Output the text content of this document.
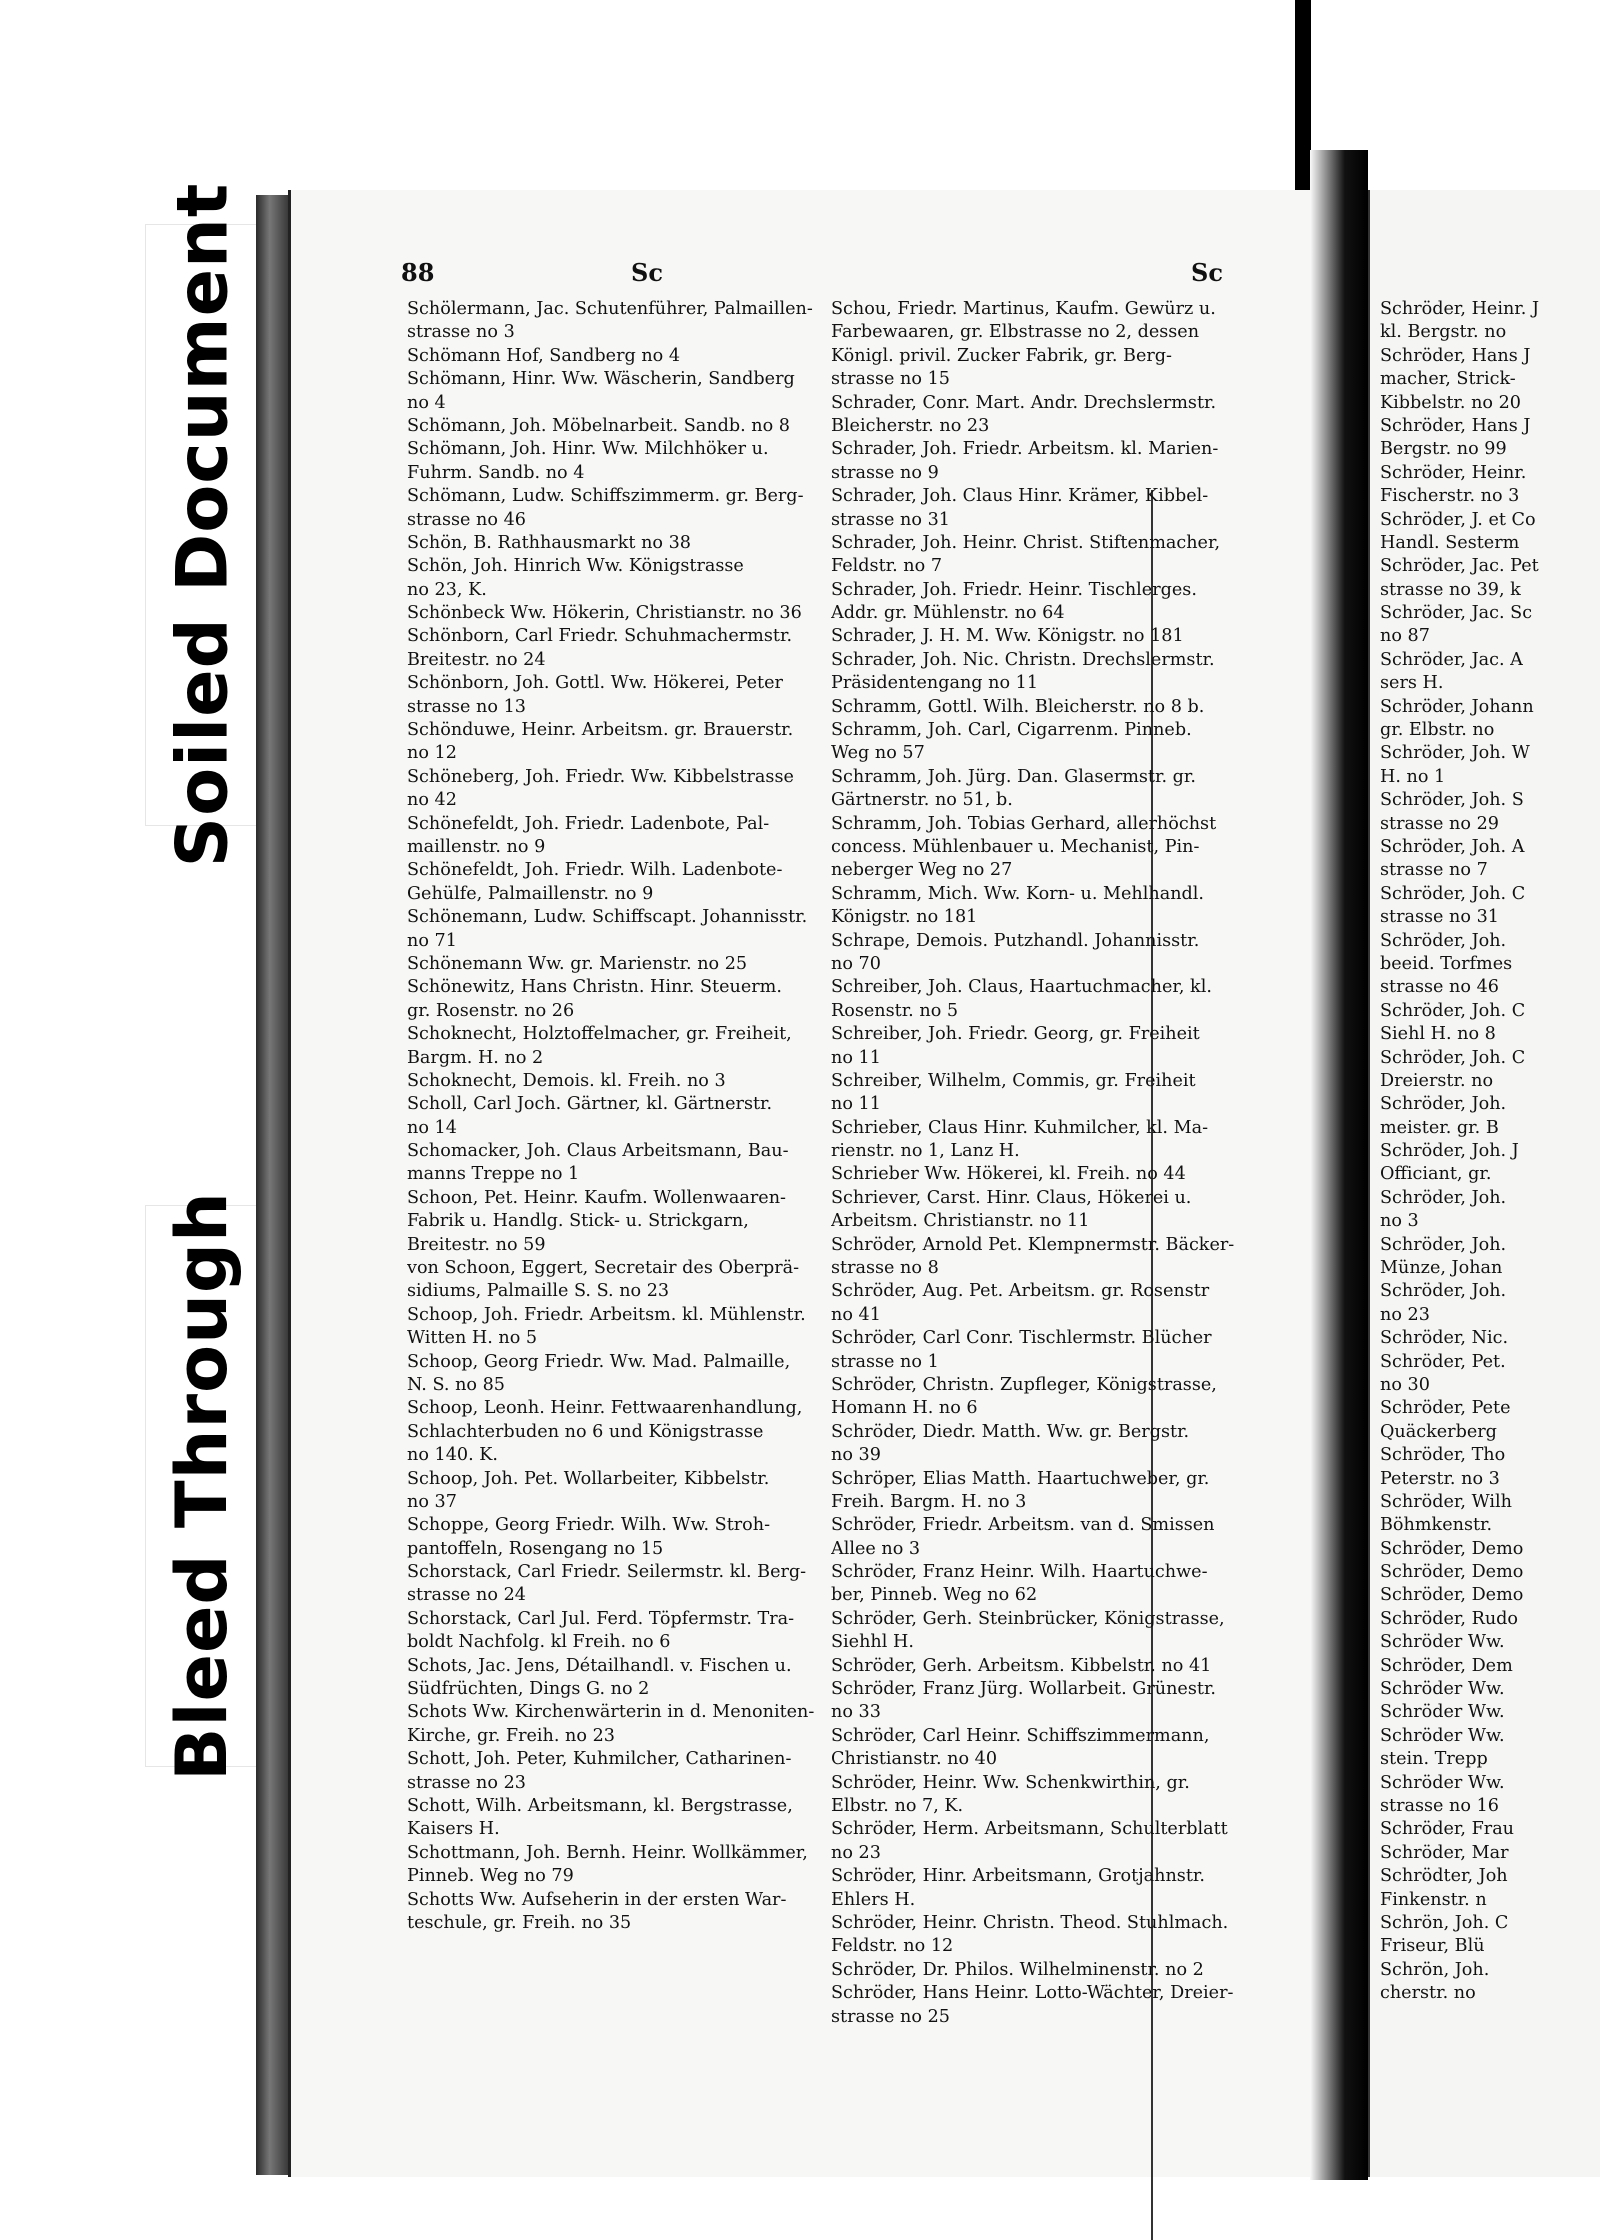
Soiled Document
Bleed Through
88	Sc	Sc
Schölermann, Jac. Schutenführer, Palmaillen-
strasse no 3
Schömann Hof, Sandberg no 4
Schömann, Hinr. Ww. Wäscherin, Sandberg
no 4
Schömann, Joh. Möbelnarbeit. Sandb. no 8
Schömann, Joh. Hinr. Ww. Milchhöker u.
Fuhrm. Sandb. no 4
Schömann, Ludw. Schiffszimmerm. gr. Berg-
strasse no 46
Schön, B. Rathhausmarkt no 38
Schön, Joh. Hinrich Ww. Königstrasse
no 23, K.
Schönbeck Ww. Hökerin, Christianstr. no 36
Schönborn, Carl Friedr. Schuhmachermstr.
Breitestr. no 24
Schönborn, Joh. Gottl. Ww. Hökerei, Peter
strasse no 13
Schönduwe, Heinr. Arbeitsm. gr. Brauerstr.
no 12
Schöneberg, Joh. Friedr. Ww. Kibbelstrasse
no 42
Schönefeldt, Joh. Friedr. Ladenbote, Pal-
maillenstr. no 9
Schönefeldt, Joh. Friedr. Wilh. Ladenbote-
Gehülfe, Palmaillenstr. no 9
Schönemann, Ludw. Schiffscapt. Johannisstr.
no 71
Schönemann Ww. gr. Marienstr. no 25
Schönewitz, Hans Christn. Hinr. Steuerm.
gr. Rosenstr. no 26
Schoknecht, Holztoffelmacher, gr. Freiheit,
Bargm. H. no 2
Schoknecht, Demois. kl. Freih. no 3
Scholl, Carl Joch. Gärtner, kl. Gärtnerstr.
no 14
Schomacker, Joh. Claus Arbeitsmann, Bau-
manns Treppe no 1
Schoon, Pet. Heinr. Kaufm. Wollenwaaren-
Fabrik u. Handlg. Stick- u. Strickgarn,
Breitestr. no 59
von Schoon, Eggert, Secretair des Oberprä-
sidiums, Palmaille S. S. no 23
Schoop, Joh. Friedr. Arbeitsm. kl. Mühlenstr.
Witten H. no 5
Schoop, Georg Friedr. Ww. Mad. Palmaille,
N. S. no 85
Schoop, Leonh. Heinr. Fettwaarenhandlung,
Schlachterbuden no 6 und Königstrasse
no 140. K.
Schoop, Joh. Pet. Wollarbeiter, Kibbelstr.
no 37
Schoppe, Georg Friedr. Wilh. Ww. Stroh-
pantoffeln, Rosengang no 15
Schorstack, Carl Friedr. Seilermstr. kl. Berg-
strasse no 24
Schorstack, Carl Jul. Ferd. Töpfermstr. Tra-
boldt Nachfolg. kl Freih. no 6
Schots, Jac. Jens, Détailhandl. v. Fischen u.
Südfrüchten, Dings G. no 2
Schots Ww. Kirchenwärterin in d. Menoniten-
Kirche, gr. Freih. no 23
Schott, Joh. Peter, Kuhmilcher, Catharinen-
strasse no 23
Schott, Wilh. Arbeitsmann, kl. Bergstrasse,
Kaisers H.
Schottmann, Joh. Bernh. Heinr. Wollkämmer,
Pinneb. Weg no 79
Schotts Ww. Aufseherin in der ersten War-
teschule, gr. Freih. no 35
Schou, Friedr. Martinus, Kaufm. Gewürz u.
Farbewaaren, gr. Elbstrasse no 2, dessen
Königl. privil. Zucker Fabrik, gr. Berg-
strasse no 15
Schrader, Conr. Mart. Andr. Drechslermstr.
Bleicherstr. no 23
Schrader, Joh. Friedr. Arbeitsm. kl. Marien-
strasse no 9
Schrader, Joh. Claus Hinr. Krämer, Kibbel-
strasse no 31
Schrader, Joh. Heinr. Christ. Stiftenmacher,
Feldstr. no 7
Schrader, Joh. Friedr. Heinr. Tischlerges.
Addr. gr. Mühlenstr. no 64
Schrader, J. H. M. Ww. Königstr. no 181
Schrader, Joh. Nic. Christn. Drechslermstr.
Präsidentengang no 11
Schramm, Gottl. Wilh. Bleicherstr. no 8 b.
Schramm, Joh. Carl, Cigarrenm. Pinneb.
Weg no 57
Schramm, Joh. Jürg. Dan. Glasermstr. gr.
Gärtnerstr. no 51, b.
Schramm, Joh. Tobias Gerhard, allerhöchst
concess. Mühlenbauer u. Mechanist, Pin-
neberger Weg no 27
Schramm, Mich. Ww. Korn- u. Mehlhandl.
Königstr. no 181
Schrape, Demois. Putzhandl. Johannisstr.
no 70
Schreiber, Joh. Claus, Haartuchmacher, kl.
Rosenstr. no 5
Schreiber, Joh. Friedr. Georg, gr. Freiheit
no 11
Schreiber, Wilhelm, Commis, gr. Freiheit
no 11
Schrieber, Claus Hinr. Kuhmilcher, kl. Ma-
rienstr. no 1, Lanz H.
Schrieber Ww. Hökerei, kl. Freih. no 44
Schriever, Carst. Hinr. Claus, Hökerei u.
Arbeitsm. Christianstr. no 11
Schröder, Arnold Pet. Klempnermstr. Bäcker-
strasse no 8
Schröder, Aug. Pet. Arbeitsm. gr. Rosenstr
no 41
Schröder, Carl Conr. Tischlermstr. Blücher
strasse no 1
Schröder, Christn. Zupfleger, Königstrasse,
Homann H. no 6
Schröder, Diedr. Matth. Ww. gr. Bergstr.
no 39
Schröper, Elias Matth. Haartuchweber, gr.
Freih. Bargm. H. no 3
Schröder, Friedr. Arbeitsm. van d. Smissen
Allee no 3
Schröder, Franz Heinr. Wilh. Haartuchwe-
ber, Pinneb. Weg no 62
Schröder, Gerh. Steinbrücker, Königstrasse,
Siehhl H.
Schröder, Gerh. Arbeitsm. Kibbelstr. no 41
Schröder, Franz Jürg. Wollarbeit. Grünestr.
no 33
Schröder, Carl Heinr. Schiffszimmermann,
Christianstr. no 40
Schröder, Heinr. Ww. Schenkwirthin, gr.
Elbstr. no 7, K.
Schröder, Herm. Arbeitsmann, Schulterblatt
no 23
Schröder, Hinr. Arbeitsmann, Grotjahnstr.
Ehlers H.
Schröder, Heinr. Christn. Theod. Stuhlmach.
Feldstr. no 12
Schröder, Dr. Philos. Wilhelminenstr. no 2
Schröder, Hans Heinr. Lotto-Wächter, Dreier-
strasse no 25
Schröder, Heinr. J
kl. Bergstr. no
Schröder, Hans J
macher, Strick-
Kibbelstr. no 20
Schröder, Hans J
Bergstr. no 99
Schröder, Heinr.
Fischerstr. no 3
Schröder, J. et Co
Handl. Sesterm
Schröder, Jac. Pet
strasse no 39, k
Schröder, Jac. Sc
no 87
Schröder, Jac. A
sers H.
Schröder, Johann
gr. Elbstr. no
Schröder, Joh. W
H. no 1
Schröder, Joh. S
strasse no 29
Schröder, Joh. A
strasse no 7
Schröder, Joh. C
strasse no 31
Schröder, Joh.
beeid. Torfmes
strasse no 46
Schröder, Joh. C
Siehl H. no 8
Schröder, Joh. C
Dreierstr. no
Schröder, Joh.
meister. gr. B
Schröder, Joh. J
Officiant, gr.
Schröder, Joh.
no 3
Schröder, Joh.
Münze, Johan
Schröder, Joh.
no 23
Schröder, Nic.
Schröder, Pet.
no 30
Schröder, Pete
Quäckerberg
Schröder, Tho
Peterstr. no 3
Schröder, Wilh
Böhmkenstr.
Schröder, Demo
Schröder, Demo
Schröder, Demo
Schröder, Rudo
Schröder Ww.
Schröder, Dem
Schröder Ww.
Schröder Ww.
Schröder Ww.
stein. Trepp
Schröder Ww.
strasse no 16
Schröder, Frau
Schröder, Mar
Schrödter, Joh
Finkenstr. n
Schrön, Joh. C
Friseur, Blü
Schrön, Joh.
cherstr. no
